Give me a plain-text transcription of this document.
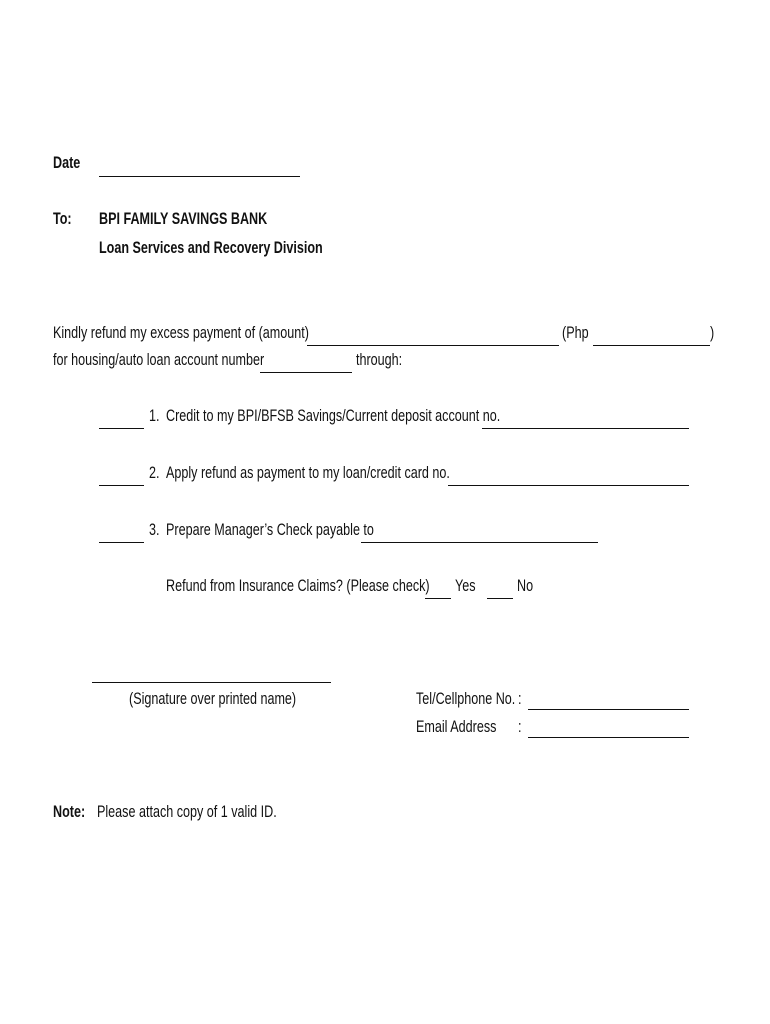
Date
To: BPI FAMILY SAVINGS BANK
Loan Services and Recovery Division
Kindly refund my excess payment of (amount)	(Php	)
for housing/auto loan account number	through:
1. Credit to my BPI/BFSB Savings/Current deposit account no.
2. Apply refund as payment to my loan/credit card no.
3. Prepare Manager’s Check payable to
Refund from Insurance Claims? (Please check) Yes No
(Signature over printed name)	Tel/Cellphone No. :
Email Address :
Note: Please attach copy of 1 valid ID.
